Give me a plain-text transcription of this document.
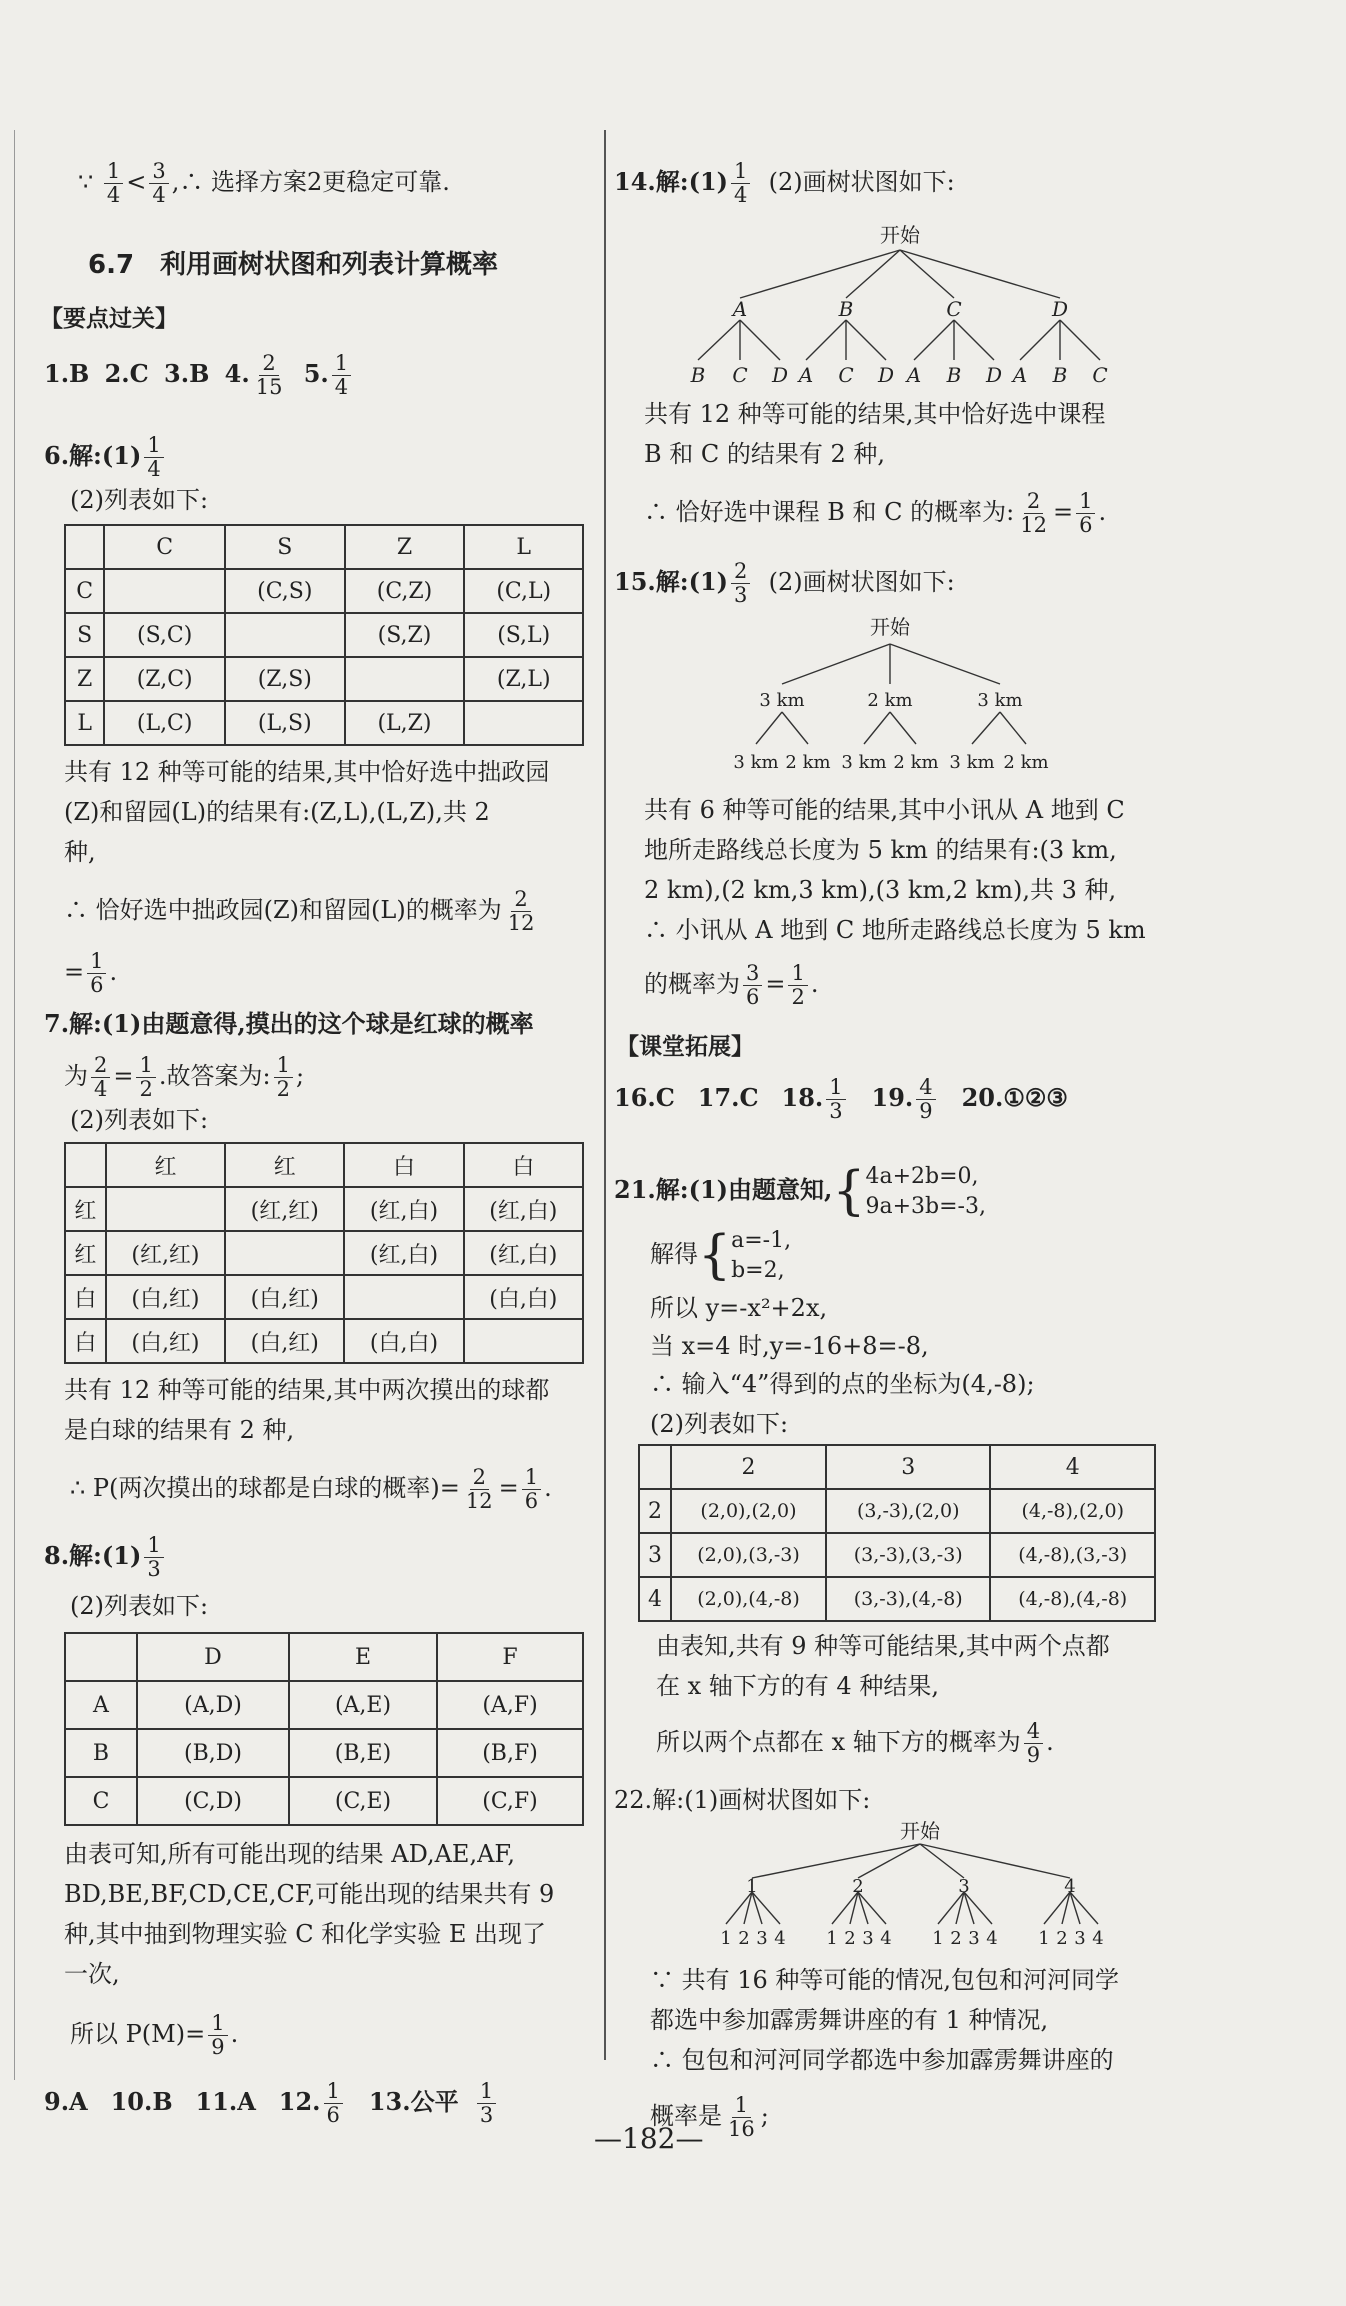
∵ $\frac{1}{4} < \frac{3}{4}$ ,∴ 选择方案2更稳定可靠.
6.7　利用画树状图和列表计算概率
【要点过关】
1.B 2.C 3.B 4. $\frac{2}{15} 5$. $\frac{1}{4}$
6.解:(1) $\frac{1}{4}$
(2)列表如下:
	C	S	Z	L
C		(C,S)	(C,Z)	(C,L)
S	(S,C)		(S,Z)	(S,L)
Z	(Z,C)	(Z,S)		(Z,L)
L	(L,C)	(L,S)	(L,Z)	
共有 12 种等可能的结果,其中恰好选中拙政园
(Z)和留园(L)的结果有:(Z,L),(L,Z),共 2
种,
∴ 恰好选中拙政园(Z)和留园(L)的概率为 $\frac{2}{12}$
= $\frac{1}{6}$ .
7.解:(1)由题意得,摸出的这个球是红球的概率
为 $\frac{2}{4} = \frac{1}{2}$ .故答案为: $\frac{1}{2}$ ;
(2)列表如下:
	红	红	白	白
红		(红,红)	(红,白)	(红,白)
红	(红,红)		(红,白)	(红,白)
白	(白,红)	(白,红)		(白,白)
白	(白,红)	(白,红)	(白,白)	
共有 12 种等可能的结果,其中两次摸出的球都
是白球的结果有 2 种,
∴ P(两次摸出的球都是白球的概率)= $\frac{2}{12} = \frac{1}{6}$ .
8.解:(1) $\frac{1}{3}$
(2)列表如下:
	D	E	F
A	(A,D)	(A,E)	(A,F)
B	(B,D)	(B,E)	(B,F)
C	(C,D)	(C,E)	(C,F)
由表可知,所有可能出现的结果 AD,AE,AF,
BD,BE,BF,CD,CE,CF,可能出现的结果共有 9
种,其中抽到物理实验 C 和化学实验 E 出现了
一次,
所以 $P(M)= \frac{1}{9}$ .
9.A 10.B 11.A 12. $\frac{1}{6} 13$.公平 $\frac{1}{3}$
14.解:(1) $\frac{1}{4} (2)$画树状图如下:
开始
A	B	C	D
B C D A C D A B D A B C
共有 12 种等可能的结果,其中恰好选中课程
B 和 C 的结果有 2 种,
∴ 恰好选中课程 B 和 C 的概率为: $\frac{2}{12} = \frac{1}{6}$ .
15.解:(1) $\frac{2}{3} (2)$画树状图如下:
开始
3 km	2 km	3 km
3 km 2 km 3 km 2 km 3 km 2 km
共有 6 种等可能的结果,其中小讯从 A 地到 C
地所走路线总长度为 5 km 的结果有:(3 km,
2 km),(2 km,3 km),(3 km,2 km),共 3 种,
∴ 小讯从 A 地到 C 地所走路线总长度为 5 km
的概率为 $\frac{3}{6} = \frac{1}{2}$ .
【课堂拓展】
16.C 17.C 18. $\frac{1}{3} 19$. $\frac{4}{9}$ 20.①②③
21.解:(1)由题意知,{ 4a+2b=0,
9a+3b=-3,
解得{ a=-1,
b=2,
所以 y=-x²+2x,
当 x=4 时,y=-16+8=-8,
∴ 输入“4”得到的点的坐标为(4,-8);
(2)列表如下:
	2	3	4
2	(2,0),(2,0)	(3,-3),(2,0)	(4,-8),(2,0)
3	(2,0),(3,-3)	(3,-3),(3,-3)	(4,-8),(3,-3)
4	(2,0),(4,-8)	(3,-3),(4,-8)	(4,-8),(4,-8)
由表知,共有 9 种等可能结果,其中两个点都
在 x 轴下方的有 4 种结果,
所以两个点都在 x 轴下方的概率为 $\frac{4}{9}$ .
22.解:(1)画树状图如下:
开始
1	2	3	4
1 2 3 4 1 2 3 4 1 2 3 4 1 2 3 4
∵ 共有 16 种等可能的情况,包包和河河同学
都选中参加霹雳舞讲座的有 1 种情况,
∴ 包包和河河同学都选中参加霹雳舞讲座的
概率是 $\frac{1}{16}$ ;
—182—
